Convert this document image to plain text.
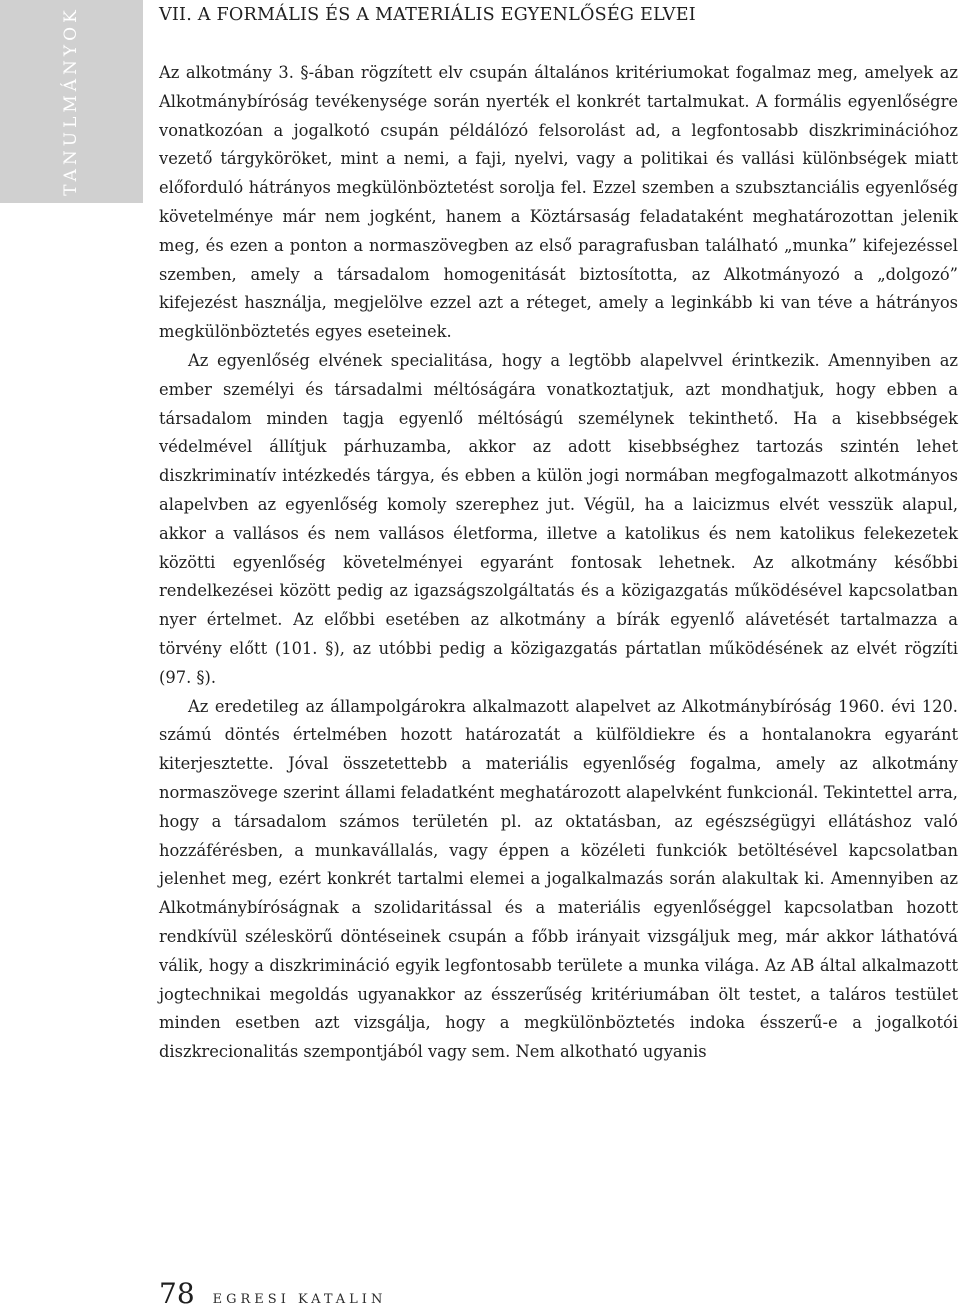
TANULMÁNYOK	VII. A FORMÁLIS ÉS A MATERIÁLIS EGYENLŐSÉG ELVEI

Az alkotmány 3. §-ában rögzített elv csupán általános kritériumokat fogalmaz meg, amelyek az Alkotmánybíróság tevékenysége során nyerték el konkrét tartalmukat. A formális egyenlőségre vonatkozóan a jogalkotó csupán példálózó felsorolást ad, a legfontosabb diszkriminációhoz vezető tárgyköröket, mint a nemi, a faji, nyelvi, vagy a politikai és vallási különbségek miatt előforduló hátrányos megkülönböztetést sorolja fel. Ezzel szemben a szubsztanciális egyenlőség követelménye már nem jogként, hanem a Köztársaság feladataként meghatározottan jelenik meg, és ezen a ponton a normaszövegben az első paragrafusban található „munka” kifejezéssel szemben, amely a társadalom homogenitását biztosította, az Alkotmányozó a „dolgozó” kifejezést használja, megjelölve ezzel azt a réteget, amely a leginkább ki van téve a hátrányos megkülönböztetés egyes eseteinek.

Az egyenlőség elvének specialitása, hogy a legtöbb alapelvvel érintkezik. Amennyiben az ember személyi és társadalmi méltóságára vonatkoztatjuk, azt mondhatjuk, hogy ebben a társadalom minden tagja egyenlő méltóságú személynek tekinthető. Ha a kisebbségek védelmével állítjuk párhuzamba, akkor az adott kisebbséghez tartozás szintén lehet diszkriminatív intézkedés tárgya, és ebben a külön jogi normában megfogalmazott alkotmányos alapelvben az egyenlőség komoly szerephez jut. Végül, ha a laicizmus elvét vesszük alapul, akkor a vallásos és nem vallásos életforma, illetve a katolikus és nem katolikus felekezetek közötti egyenlőség követelményei egyaránt fontosak lehetnek. Az alkotmány későbbi rendelkezései között pedig az igazságszolgáltatás és a közigazgatás működésével kapcsolatban nyer értelmet. Az előbbi esetében az alkotmány a bírák egyenlő alávetését tartalmazza a törvény előtt (101. §), az utóbbi pedig a közigazgatás pártatlan működésének az elvét rögzíti (97. §).

Az eredetileg az állampolgárokra alkalmazott alapelvet az Alkotmánybíróság 1960. évi 120. számú döntés értelmében hozott határozatát a külföldiekre és a hontalanokra egyaránt kiterjesztette. Jóval összetettebb a materiális egyenlőség fogalma, amely az alkotmány normaszövege szerint állami feladatként meghatározott alapelvként funkcionál. Tekintettel arra, hogy a társadalom számos területén pl. az oktatásban, az egészségügyi ellátáshoz való hozzáférésben, a munkavállalás, vagy éppen a közéleti funkciók betöltésével kapcsolatban jelenhet meg, ezért konkrét tartalmi elemei a jogalkalmazás során alakultak ki. Amennyiben az Alkotmánybíróságnak a szolidaritással és a materiális egyenlőséggel kapcsolatban hozott rendkívül széleskörű döntéseinek csupán a főbb irányait vizsgáljuk meg, már akkor láthatóvá válik, hogy a diszkrimináció egyik legfontosabb területe a munka világa. Az AB által alkalmazott jogtechnikai megoldás ugyanakkor az ésszerűség kritériumában ölt testet, a taláros testület minden esetben azt vizsgálja, hogy a megkülönböztetés indoka ésszerű-e a jogalkotói diszkrecionalitás szempontjából vagy sem. Nem alkotható ugyanis

78 EGRESI KATALIN
